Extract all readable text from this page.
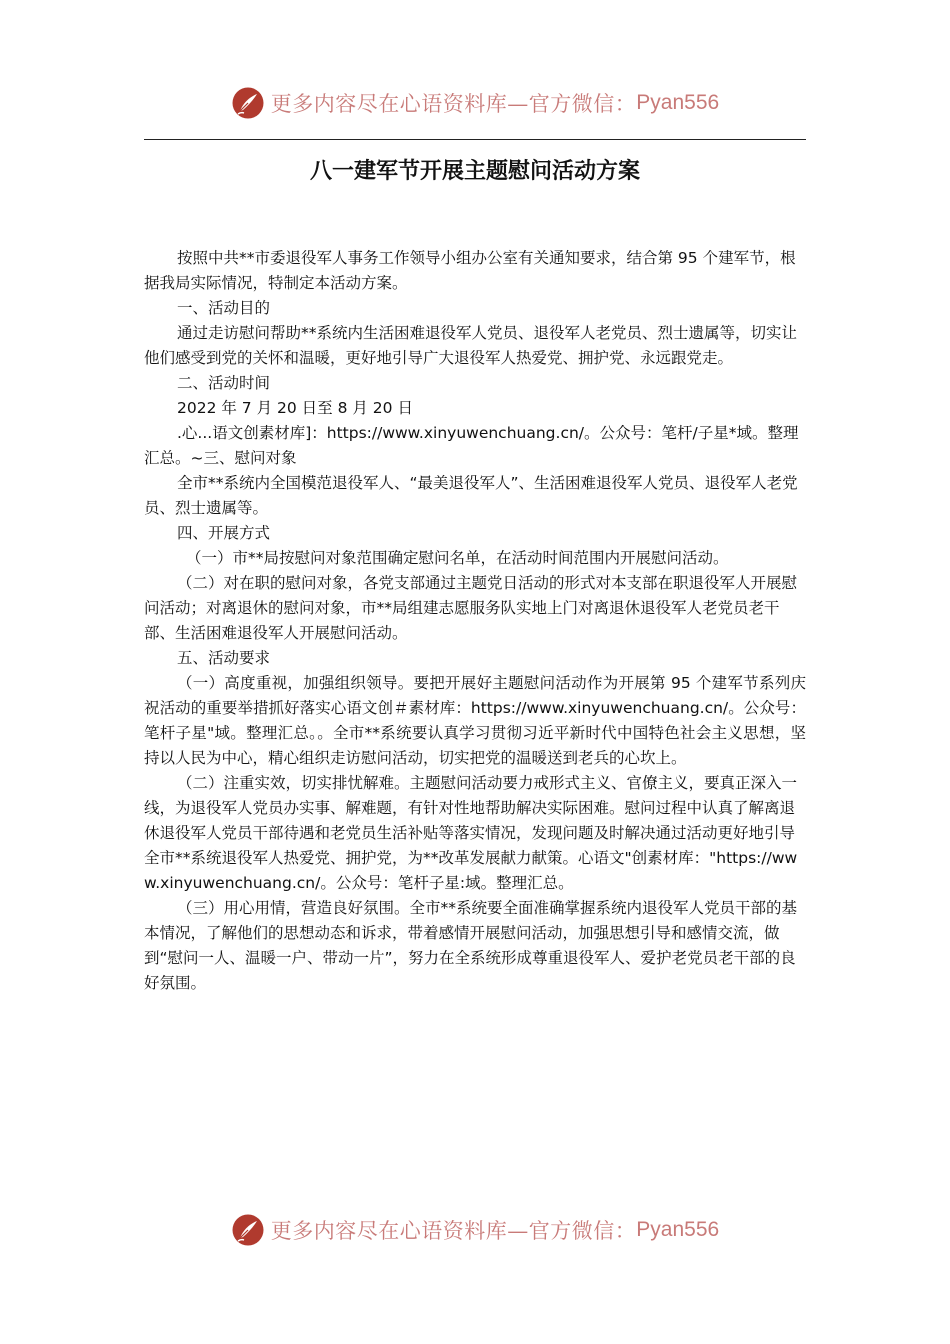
更多内容尽在心语资料库—官方微信： Pyan556
八一建军节开展主题慰问活动方案

按照中共**市委退役军人事务工作领导小组办公室有关通知要求，结合第 95 个建军节，根据我局实际情况，特制定本活动方案。

一、活动目的

通过走访慰问帮助**系统内生活困难退役军人党员、退役军人老党员、烈士遗属等，切实让他们感受到党的关怀和温暖，更好地引导广大退役军人热爱党、拥护党、永远跟党走。

二、活动时间

2022 年 7 月 20 日至 8 月 20 日

.心...语文创素材库]：https://www.xinyuwenchuang.cn/。公众号：笔杆/子星*域。整理汇总。~三、慰问对象

全市**系统内全国模范退役军人、“最美退役军人”、生活困难退役军人党员、退役军人老党员、烈士遗属等。

四、开展方式

（一）市**局按慰问对象范围确定慰问名单，在活动时间范围内开展慰问活动。

（二）对在职的慰问对象，各党支部通过主题党日活动的形式对本支部在职退役军人开展慰问活动；对离退休的慰问对象，市**局组建志愿服务队实地上门对离退休退役军人老党员老干部、生活困难退役军人开展慰问活动。

五、活动要求

（一）高度重视，加强组织领导。要把开展好主题慰问活动作为开展第 95 个建军节系列庆祝活动的重要举措抓好落实心语文创＃素材库：https://www.xinyuwenchuang.cn/。公众号：笔杆子星"域。整理汇总。。全市**系统要认真学习贯彻习近平新时代中国特色社会主义思想，坚持以人民为中心，精心组织走访慰问活动，切实把党的温暖送到老兵的心坎上。

（二）注重实效，切实排忧解难。主题慰问活动要力戒形式主义、官僚主义，要真正深入一线，为退役军人党员办实事、解难题，有针对性地帮助解决实际困难。慰问过程中认真了解离退休退役军人党员干部待遇和老党员生活补贴等落实情况，发现问题及时解决通过活动更好地引导全市**系统退役军人热爱党、拥护党，为**改革发展献力献策。心语文"创素材库："https://www.xinyuwenchuang.cn/。公众号：笔杆子星:域。整理汇总。

（三）用心用情，营造良好氛围。全市**系统要全面准确掌握系统内退役军人党员干部的基本情况，了解他们的思想动态和诉求，带着感情开展慰问活动，加强思想引导和感情交流，做到“慰问一人、温暖一户、带动一片”，努力在全系统形成尊重退役军人、爱护老党员老干部的良好氛围。

更多内容尽在心语资料库—官方微信： Pyan556
